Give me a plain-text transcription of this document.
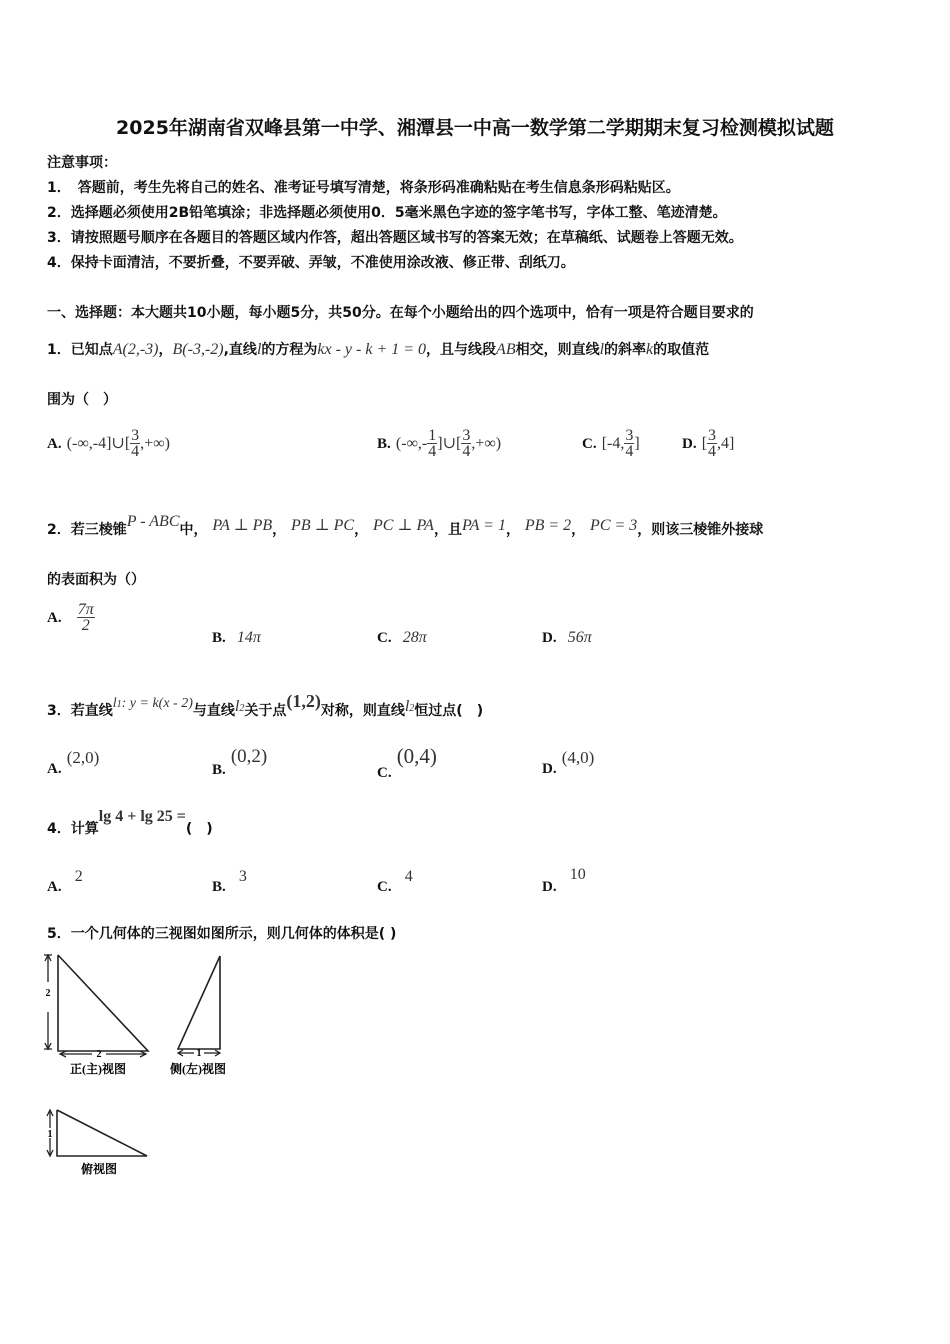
2025年湖南省双峰县第一中学、湘潭县一中高一数学第二学期期末复习检测模拟试题
注意事项：
1．　答题前，考生先将自己的姓名、准考证号填写清楚，将条形码准确粘贴在考生信息条形码粘贴区。
2．选择题必须使用2B铅笔填涂；非选择题必须使用0．5毫米黑色字迹的签字笔书写，字体工整、笔迹清楚。
3．请按照题号顺序在各题目的答题区域内作答，超出答题区域书写的答案无效；在草稿纸、试题卷上答题无效。
4．保持卡面清洁，不要折叠，不要弄破、弄皱，不准使用涂改液、修正带、刮纸刀。
一、选择题：本大题共10小题，每小题5分，共50分。在每个小题给出的四个选项中，恰有一项是符合题目要求的
1．已知点A(2,-3)，B(-3,-2),直线l的方程为kx - y - k + 1 = 0，且与线段AB相交，则直线l的斜率k的取值范
围为（　）
A. (-∞,-4]∪[ $\frac{3}{4}$ ,+∞)	B. (-∞,- $\frac{1}{4}$ ]∪[ $\frac{3}{4}$ ,+∞)	C. [-4, $\frac{3}{4}$ ]	D. [ $\frac{3}{4} ,4$]
2．若三棱锥P - ABC中， PA ⊥ PB， PB ⊥ PC， PC ⊥ PA，且PA = 1， PB = 2， PC = 3，则该三棱锥外接球
的表面积为（）
A. $\frac{7\pi}{2}$
B. 14π	C. 28π	D. 56π
3．若直线l1: y = k(x - 2)与直线l2关于点(1,2)对称，则直线l2恒过点(　)
A. (2,0)
B. (0,2)
C. (0,4)
D. (4,0)
4．计算lg 4 + lg 25 =(　)
A. 2
B. 3
C. 4
D. 10
5．一个几何体的三视图如图所示，则几何体的体积是( )
2
2
正(主)视图
1
侧(左)视图
1
俯视图
